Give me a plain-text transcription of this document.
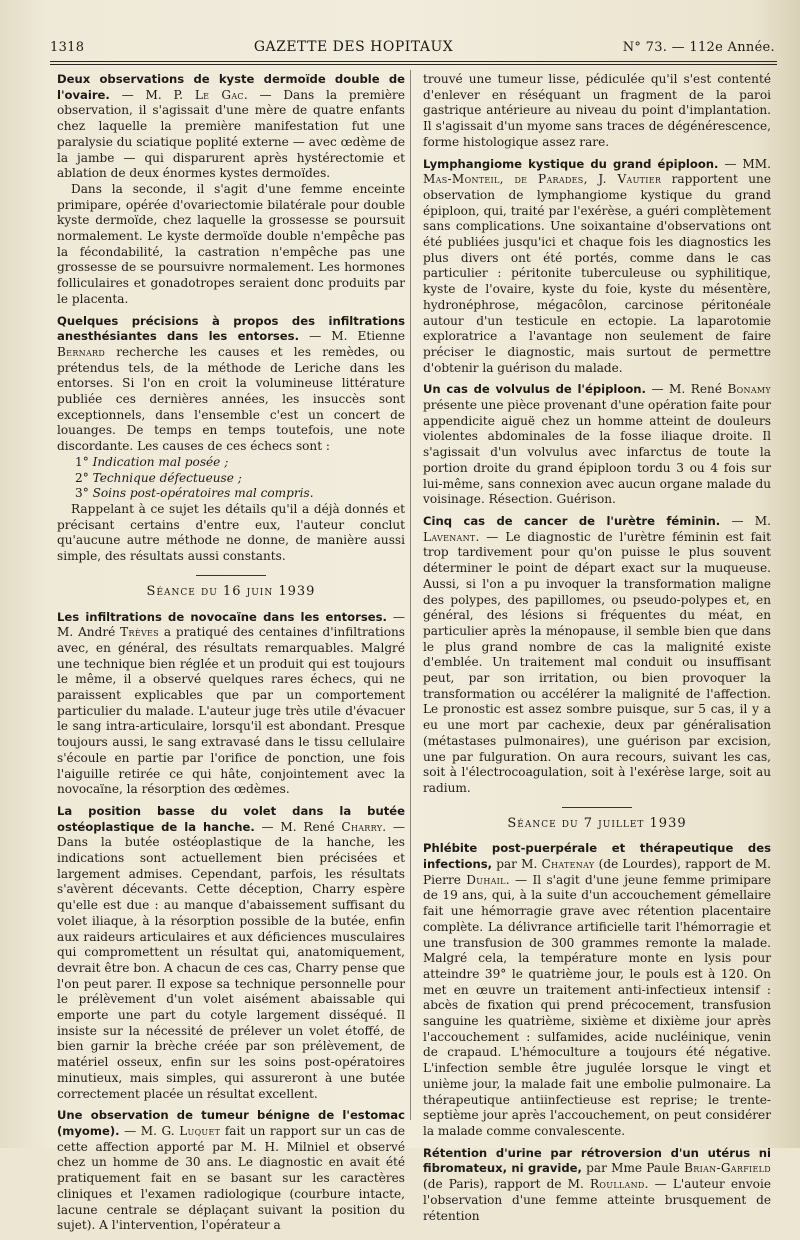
1318	GAZETTE DES HOPITAUX	N° 73. — 112e Année.

Deux observations de kyste dermoïde double de l'ovaire. — M. P. Le Gac. — Dans la première observation, il s'agissait d'une mère de quatre enfants chez laquelle la première manifestation fut une paralysie du sciatique poplité externe — avec œdème de la jambe — qui disparurent après hystérectomie et ablation de deux énormes kystes dermoïdes.

Dans la seconde, il s'agit d'une femme enceinte primipare, opérée d'ovariectomie bilatérale pour double kyste dermoïde, chez laquelle la grossesse se poursuit normalement. Le kyste dermoïde double n'empêche pas la fécondabilité, la castration n'empêche pas une grossesse de se poursuivre normalement. Les hormones folliculaires et gonadotropes seraient donc produits par le placenta.

Quelques précisions à propos des infiltrations anesthésiantes dans les entorses. — M. Etienne Bernard recherche les causes et les remèdes, ou prétendus tels, de la méthode de Leriche dans les entorses. Si l'on en croit la volumineuse littérature publiée ces dernières années, les insuccès sont exceptionnels, dans l'ensemble c'est un concert de louanges. De temps en temps toutefois, une note discordante. Les causes de ces échecs sont :

1° Indication mal posée ;
2° Technique défectueuse ;
3° Soins post-opératoires mal compris.

Rappelant à ce sujet les détails qu'il a déjà donnés et précisant certains d'entre eux, l'auteur conclut qu'aucune autre méthode ne donne, de manière aussi simple, des résultats aussi constants.

Séance du 16 juin 1939

Les infiltrations de novocaïne dans les entorses. — M. André Trèves a pratiqué des centaines d'infiltrations avec, en général, des résultats remarquables. Malgré une technique bien réglée et un produit qui est toujours le même, il a observé quelques rares échecs, qui ne paraissent explicables que par un comportement particulier du malade. L'auteur juge très utile d'évacuer le sang intra-articulaire, lorsqu'il est abondant. Presque toujours aussi, le sang extravasé dans le tissu cellulaire s'écoule en partie par l'orifice de ponction, une fois l'aiguille retirée ce qui hâte, conjointement avec la novocaïne, la résorption des œdèmes.

La position basse du volet dans la butée ostéoplastique de la hanche. — M. René Charry. — Dans la butée ostéoplastique de la hanche, les indications sont actuellement bien précisées et largement admises. Cependant, parfois, les résultats s'avèrent décevants. Cette déception, Charry espère qu'elle est due : au manque d'abaissement suffisant du volet iliaque, à la résorption possible de la butée, enfin aux raideurs articulaires et aux déficiences musculaires qui compromettent un résultat qui, anatomiquement, devrait être bon. A chacun de ces cas, Charry pense que l'on peut parer. Il expose sa technique personnelle pour le prélèvement d'un volet aisément abaissable qui emporte une part du cotyle largement disséqué. Il insiste sur la nécessité de prélever un volet étoffé, de bien garnir la brèche créée par son prélèvement, de matériel osseux, enfin sur les soins post-opératoires minutieux, mais simples, qui assureront à une butée correctement placée un résultat excellent.

Une observation de tumeur bénigne de l'estomac (myome). — M. G. Luquet fait un rapport sur un cas de cette affection apporté par M. H. Milniel et observé chez un homme de 30 ans. Le diagnostic en avait été pratiquement fait en se basant sur les caractères cliniques et l'examen radiologique (courbure intacte, lacune centrale se déplaçant suivant la position du sujet). A l'intervention, l'opérateur a

trouvé une tumeur lisse, pédiculée qu'il s'est contenté d'enlever en réséquant un fragment de la paroi gastrique antérieure au niveau du point d'implantation. Il s'agissait d'un myome sans traces de dégénérescence, forme histologique assez rare.

Lymphangiome kystique du grand épiploon. — MM. Mas-Monteil, de Parades, J. Vautier rapportent une observation de lymphangiome kystique du grand épiploon, qui, traité par l'exérèse, a guéri complètement sans complications. Une soixantaine d'observations ont été publiées jusqu'ici et chaque fois les diagnostics les plus divers ont été portés, comme dans le cas particulier : péritonite tuberculeuse ou syphilitique, kyste de l'ovaire, kyste du foie, kyste du mésentère, hydronéphrose, mégacôlon, carcinose péritonéale autour d'un testicule en ectopie. La laparotomie exploratrice a l'avantage non seulement de faire préciser le diagnostic, mais surtout de permettre d'obtenir la guérison du malade.

Un cas de volvulus de l'épiploon. — M. René Bonamy présente une pièce provenant d'une opération faite pour appendicite aiguë chez un homme atteint de douleurs violentes abdominales de la fosse iliaque droite. Il s'agissait d'un volvulus avec infarctus de toute la portion droite du grand épiploon tordu 3 ou 4 fois sur lui-même, sans connexion avec aucun organe malade du voisinage. Résection. Guérison.

Cinq cas de cancer de l'urètre féminin. — M. Lavenant. — Le diagnostic de l'urètre féminin est fait trop tardivement pour qu'on puisse le plus souvent déterminer le point de départ exact sur la muqueuse. Aussi, si l'on a pu invoquer la transformation maligne des polypes, des papillomes, ou pseudo-polypes et, en général, des lésions si fréquentes du méat, en particulier après la ménopause, il semble bien que dans le plus grand nombre de cas la malignité existe d'emblée. Un traitement mal conduit ou insuffisant peut, par son irritation, ou bien provoquer la transformation ou accélérer la malignité de l'affection. Le pronostic est assez sombre puisque, sur 5 cas, il y a eu une mort par cachexie, deux par généralisation (métastases pulmonaires), une guérison par excision, une par fulguration. On aura recours, suivant les cas, soit à l'électrocoagulation, soit à l'exérèse large, soit au radium.

Séance du 7 juillet 1939

Phlébite post-puerpérale et thérapeutique des infections, par M. Chatenay (de Lourdes), rapport de M. Pierre Duhail. — Il s'agit d'une jeune femme primipare de 19 ans, qui, à la suite d'un accouchement gémellaire fait une hémorragie grave avec rétention placentaire complète. La délivrance artificielle tarit l'hémorragie et une transfusion de 300 grammes remonte la malade. Malgré cela, la température monte en lysis pour atteindre 39° le quatrième jour, le pouls est à 120. On met en œuvre un traitement anti-infectieux intensif : abcès de fixation qui prend précocement, transfusion sanguine les quatrième, sixième et dixième jour après l'accouchement : sulfamides, acide nucléinique, venin de crapaud. L'hémoculture a toujours été négative. L'infection semble être jugulée lorsque le vingt et unième jour, la malade fait une embolie pulmonaire. La thérapeutique antiinfectieuse est reprise; le trente-septième jour après l'accouchement, on peut considérer la malade comme convalescente.

Rétention d'urine par rétroversion d'un utérus ni fibromateux, ni gravide, par Mme Paule Brian-Garfield (de Paris), rapport de M. Roulland. — L'auteur envoie l'observation d'une femme atteinte brusquement de rétention
